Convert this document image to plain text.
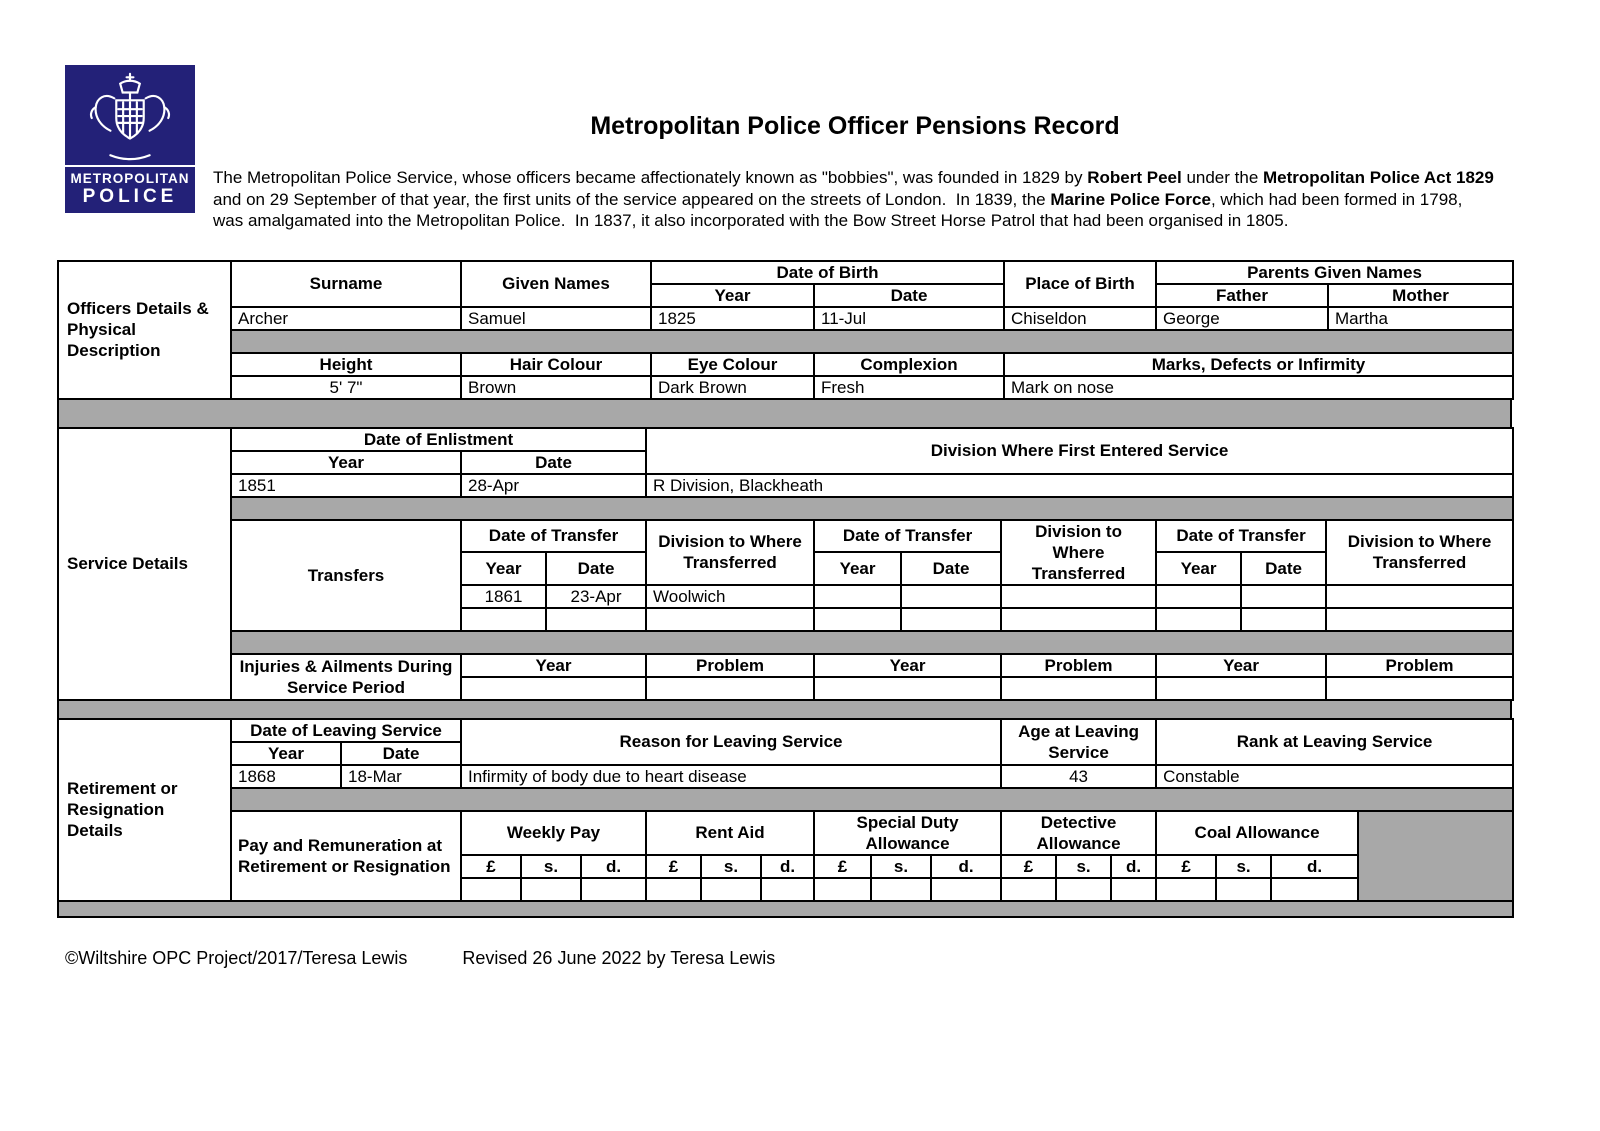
METROPOLITAN
POLICE
Metropolitan Police Officer Pensions Record

The Metropolitan Police Service, whose officers became affectionately known as "bobbies", was founded in 1829 by Robert Peel under the Metropolitan Police Act 1829 and on 29 September of that year, the first units of the service appeared on the streets of London.  In 1839, the Marine Police Force, which had been formed in 1798, was amalgamated into the Metropolitan Police.  In 1837, it also incorporated with the Bow Street Horse Patrol that had been organised in 1805.

Officers Details & Physical Description	Surname	Given Names	Date of Birth		Place of Birth	Parents Given Names	
			Year	Date		Father	Mother
	Archer	Samuel	1825	11-Jul	Chiseldon	George	Martha

	Height	Hair Colour	Eye Colour	Complexion	Marks, Defects or Infirmity		
	5' 7"	Brown	Dark Brown	Fresh	Mark on nose		
Service Details	Date of Enlistment			Division Where First Entered Service						
	Year	Date								
	1851	28-Apr		R Division, Blackheath						

	Transfers	Date of Transfer		Division to Where Transferred	Date of Transfer		Division to Where Transferred	Date of Transfer		Division to Where Transferred
		Year	Date		Year	Date		Year	Date	
		1861	23-Apr	Woolwich						

	Injuries & Ailments During Service Period	Year		Problem	Year		Problem	Year		Problem

Retirement or Resignation Details	Date of Leaving Service		Reason for Leaving Service									Age at Leaving Service			Rank at Leaving Service			
	Year	Date																
	1868	18-Mar	Infirmity of body due to heart disease									43			Constable			

	Pay and Remuneration at Retirement or Resignation		Weekly Pay			Rent Aid			Special Duty Allowance			Detective Allowance			Coal Allowance			
			£	s.	d.	£	s.	d.	£	s.	d.	£	s.	d.	£	s.	d.	

©Wiltshire OPC Project/2017/Teresa Lewis	Revised 26 June 2022 by Teresa Lewis
